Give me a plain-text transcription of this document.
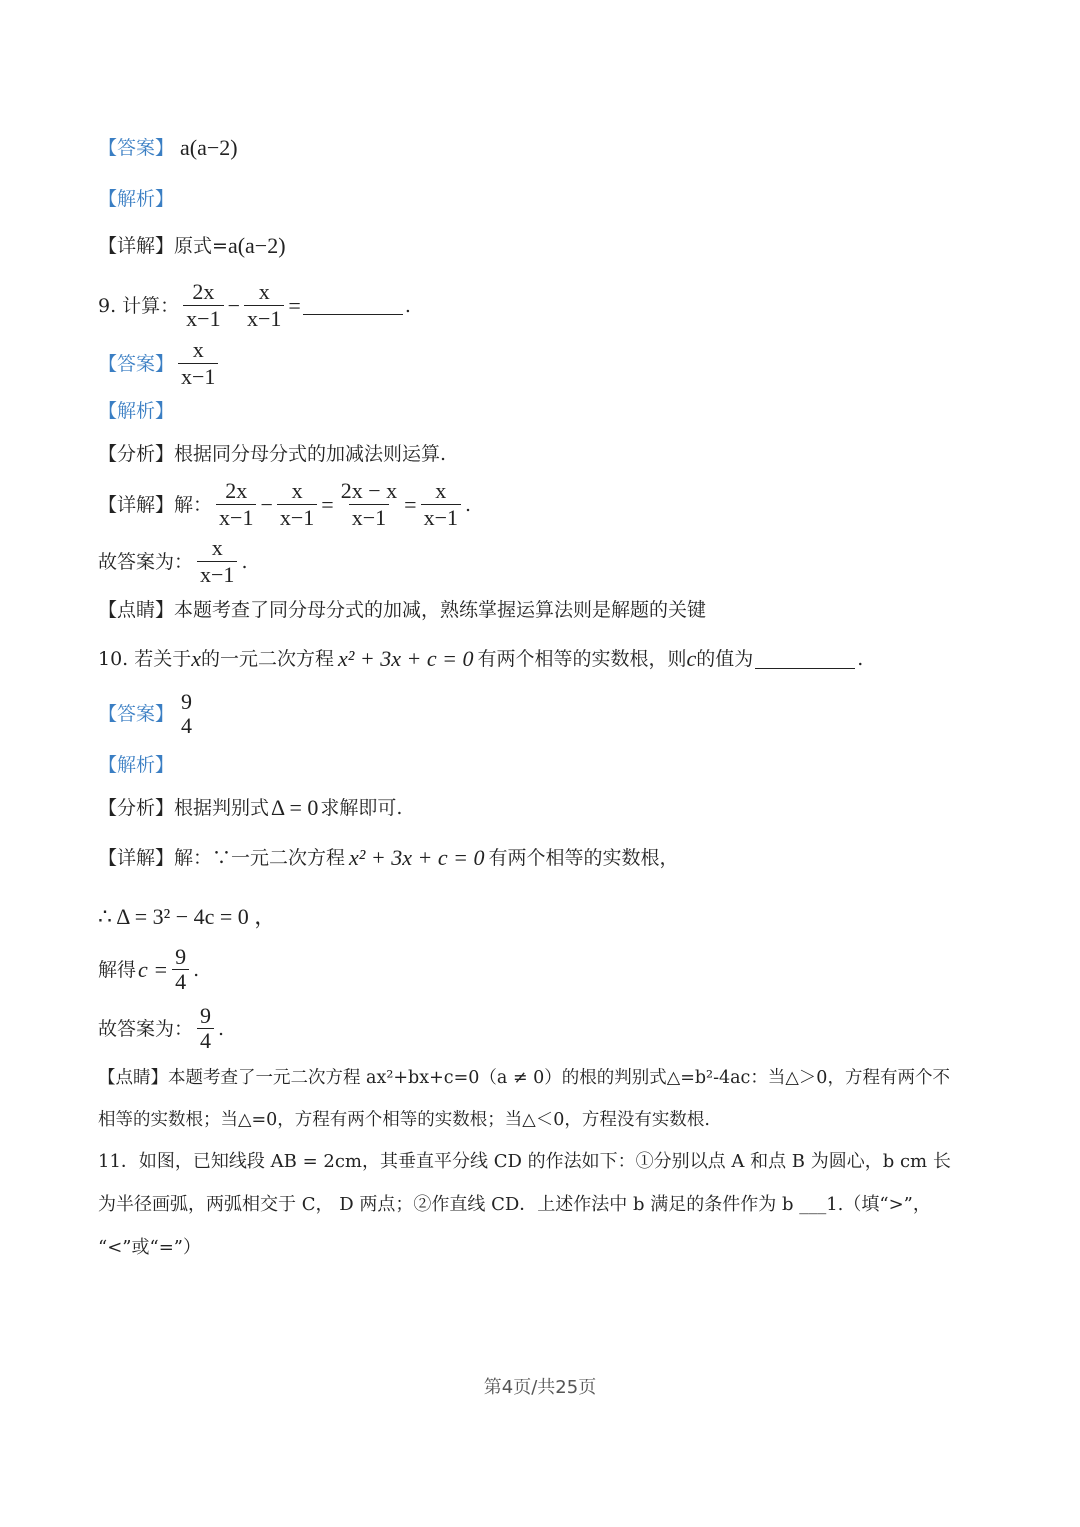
【答案】 a(a−2)
【解析】
【详解】 原式= a(a−2)
9. 计算： $\frac{2x}{x-1} - \frac{x}{x-1}$ =	.
【答案】 $\frac{x}{x-1}$
【解析】
【分析】 根据同分母分式的加减法则运算.
【详解】 解： $\frac{2x}{x-1} - \frac{x}{x-1} = \frac{2x - x}{x-1} = \frac{x}{x-1}$ .
故答案为： $\frac{x}{x-1}$ .
【点睛】 本题考查了同分母分式的加减，熟练掌握运算法则是解题的关键
10. 若关于 x 的一元二次方程 x² + 3x + c = 0 有两个相等的实数根，则 c 的值为	.
【答案】 9
4
【解析】
【分析】 根据判别式 Δ = 0 求解即可.
【详解】 解：∵一元二次方程 x² + 3x + c = 0 有两个相等的实数根，
∴ Δ = 3² − 4c = 0 ，
解得 $c = \frac{9}{4}$ .
故答案为： $\frac{9}{4}$ .
【点睛】 本题考查了一元二次方程 ax²+bx+c=0（a ≠ 0）的根的判别式△=b²-4ac：当△＞0，方程有两个不
相等的实数根；当△=0，方程有两个相等的实数根；当△＜0，方程没有实数根.
11．如图，已知线段 AB = 2cm，其垂直平分线 CD 的作法如下：①分别以点 A 和点 B 为圆心，b cm 长
为半径画弧，两弧相交于 C， D 两点；②作直线 CD．上述作法中 b 满足的条件作为 b ___1.（填“>”，
“<”或“=”）
第4页/共25页
